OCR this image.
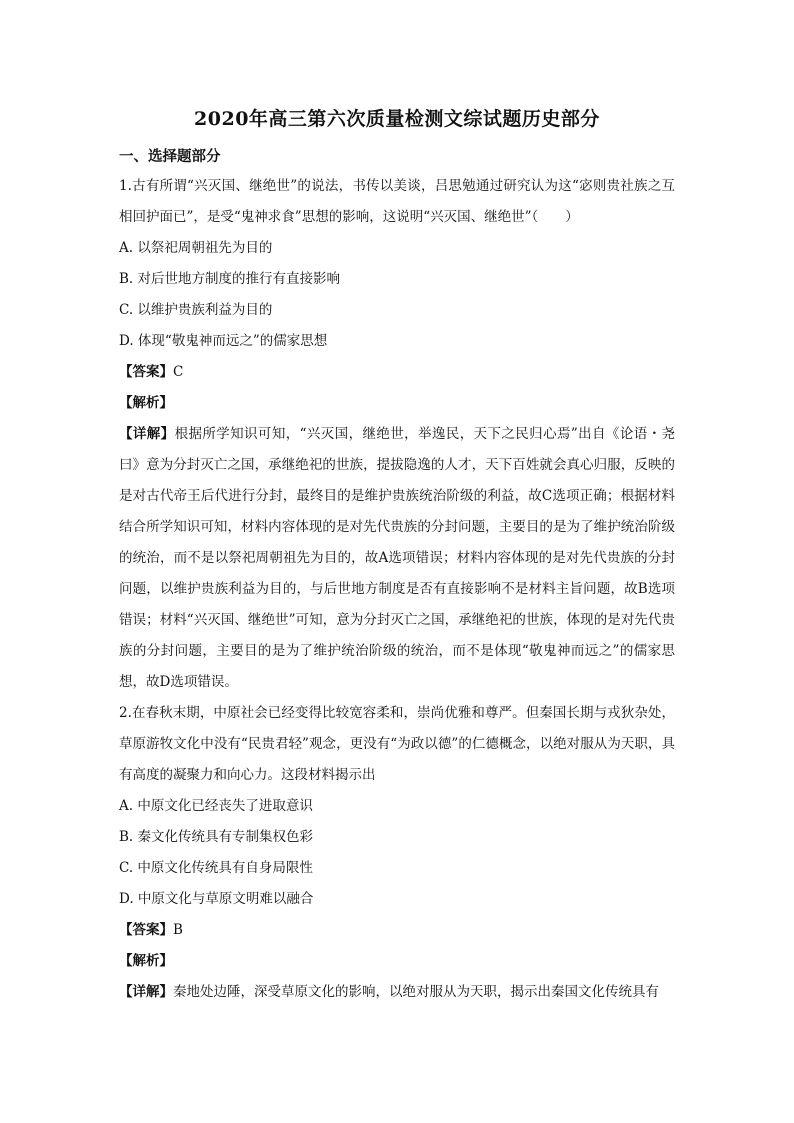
2020年高三第六次质量检测文综试题历史部分
一、选择题部分

1.古有所谓“兴灭国、继绝世”的说法，书传以美谈，吕思勉通过研究认为这“宓则贵社族之互相回护面已”，是受“鬼神求食”思想的影响，这说明“兴灭国、继绝世”（　　）

A. 以祭祀周朝祖先为目的

B. 对后世地方制度的推行有直接影响

C. 以维护贵族利益为目的

D. 体现“敬鬼神而远之”的儒家思想

【答案】C

【解析】

【详解】根据所学知识可知，“兴灭国，继绝世，举逸民，天下之民归心焉”出自《论语・尧曰》意为分封灭亡之国，承继绝祀的世族，提拔隐逸的人才，天下百姓就会真心归服，反映的是对古代帝王后代进行分封，最终目的是维护贵族统治阶级的利益，故C选项正确；根据材料结合所学知识可知，材料内容体现的是对先代贵族的分封问题，主要目的是为了维护统治阶级的统治，而不是以祭祀周朝祖先为目的，故A选项错误；材料内容体现的是对先代贵族的分封问题，以维护贵族利益为目的，与后世地方制度是否有直接影响不是材料主旨问题，故B选项错误；材料“兴灭国、继绝世”可知，意为分封灭亡之国，承继绝祀的世族，体现的是对先代贵族的分封问题，主要目的是为了维护统治阶级的统治，而不是体现“敬鬼神而远之”的儒家思想，故D选项错误。

2.在春秋末期，中原社会已经变得比较宽容柔和，崇尚优雅和尊严。但秦国长期与戎狄杂处，草原游牧文化中没有“民贵君轻”观念，更没有“为政以德”的仁德概念，以绝对服从为天职，具有高度的凝聚力和向心力。这段材料揭示出

A. 中原文化已经丧失了进取意识

B. 秦文化传统具有专制集权色彩

C. 中原文化传统具有自身局限性

D. 中原文化与草原文明难以融合

【答案】B

【解析】

【详解】秦地处边陲，深受草原文化的影响，以绝对服从为天职，揭示出秦国文化传统具有
